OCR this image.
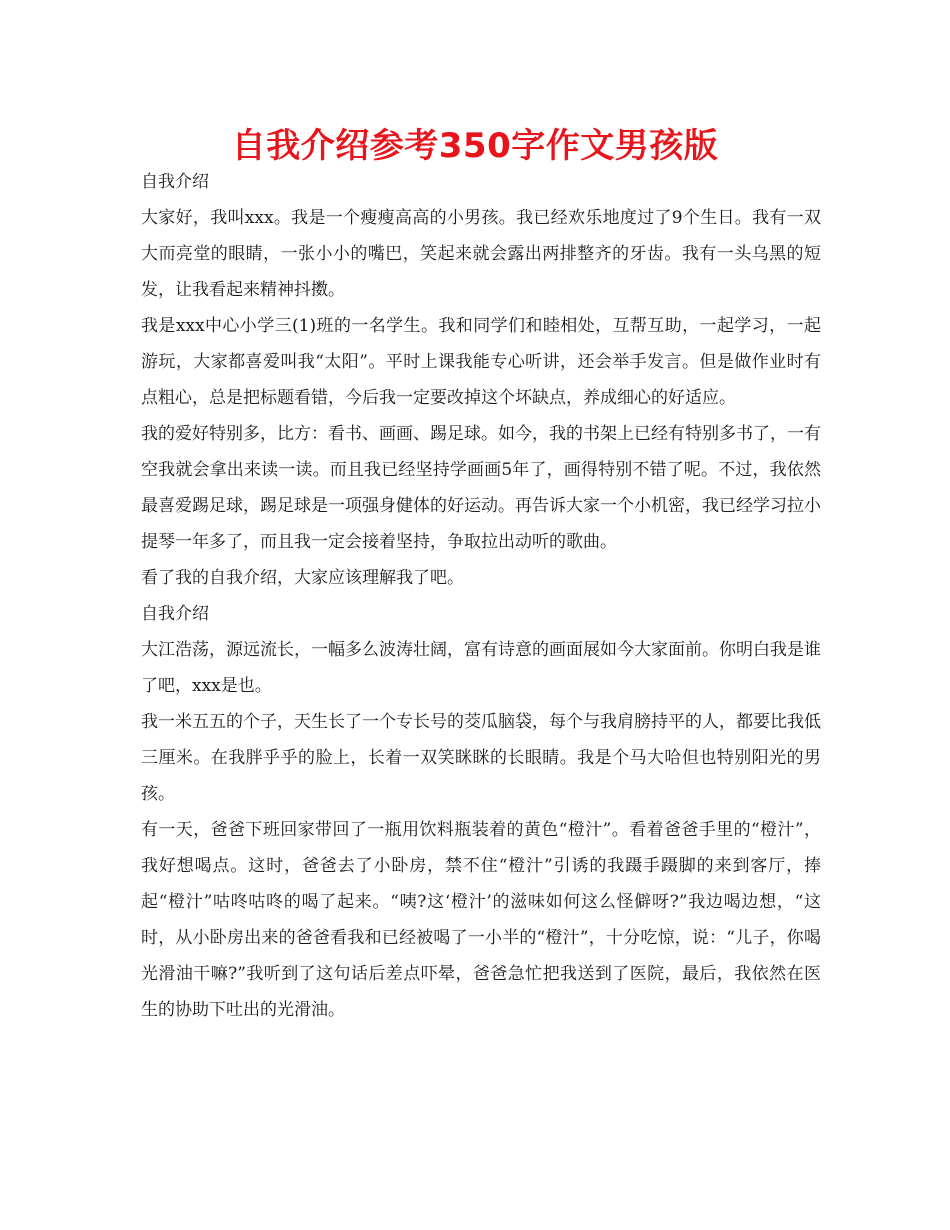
自我介绍参考350字作文男孩版

自我介绍

大家好，我叫xxx。我是一个瘦瘦高高的小男孩。我已经欢乐地度过了9个生日。我有一双大而亮堂的眼睛，一张小小的嘴巴，笑起来就会露出两排整齐的牙齿。我有一头乌黑的短发，让我看起来精神抖擞。

我是xxx中心小学三(1)班的一名学生。我和同学们和睦相处，互帮互助，一起学习，一起游玩，大家都喜爱叫我“太阳”。平时上课我能专心听讲，还会举手发言。但是做作业时有点粗心，总是把标题看错，今后我一定要改掉这个坏缺点，养成细心的好适应。

我的爱好特别多，比方：看书、画画、踢足球。如今，我的书架上已经有特别多书了，一有空我就会拿出来读一读。而且我已经坚持学画画5年了，画得特别不错了呢。不过，我依然最喜爱踢足球，踢足球是一项强身健体的好运动。再告诉大家一个小机密，我已经学习拉小提琴一年多了，而且我一定会接着坚持，争取拉出动听的歌曲。

看了我的自我介绍，大家应该理解我了吧。

自我介绍

大江浩荡，源远流长，一幅多么波涛壮阔，富有诗意的画面展如今大家面前。你明白我是谁了吧，xxx是也。

我一米五五的个子，天生长了一个专长号的茭瓜脑袋，每个与我肩膀持平的人，都要比我低三厘米。在我胖乎乎的脸上，长着一双笑眯眯的长眼睛。我是个马大哈但也特别阳光的男孩。

有一天，爸爸下班回家带回了一瓶用饮料瓶装着的黄色“橙汁”。看着爸爸手里的“橙汁”，我好想喝点。这时，爸爸去了小卧房，禁不住“橙汁”引诱的我蹑手蹑脚的来到客厅，捧起“橙汁”咕咚咕咚的喝了起来。“咦?这‘橙汁’的滋味如何这么怪僻呀?”我边喝边想，“这时，从小卧房出来的爸爸看我和已经被喝了一小半的“橙汁”，十分吃惊，说：“儿子，你喝光滑油干嘛?”我听到了这句话后差点吓晕，爸爸急忙把我送到了医院，最后，我依然在医生的协助下吐出的光滑油。
